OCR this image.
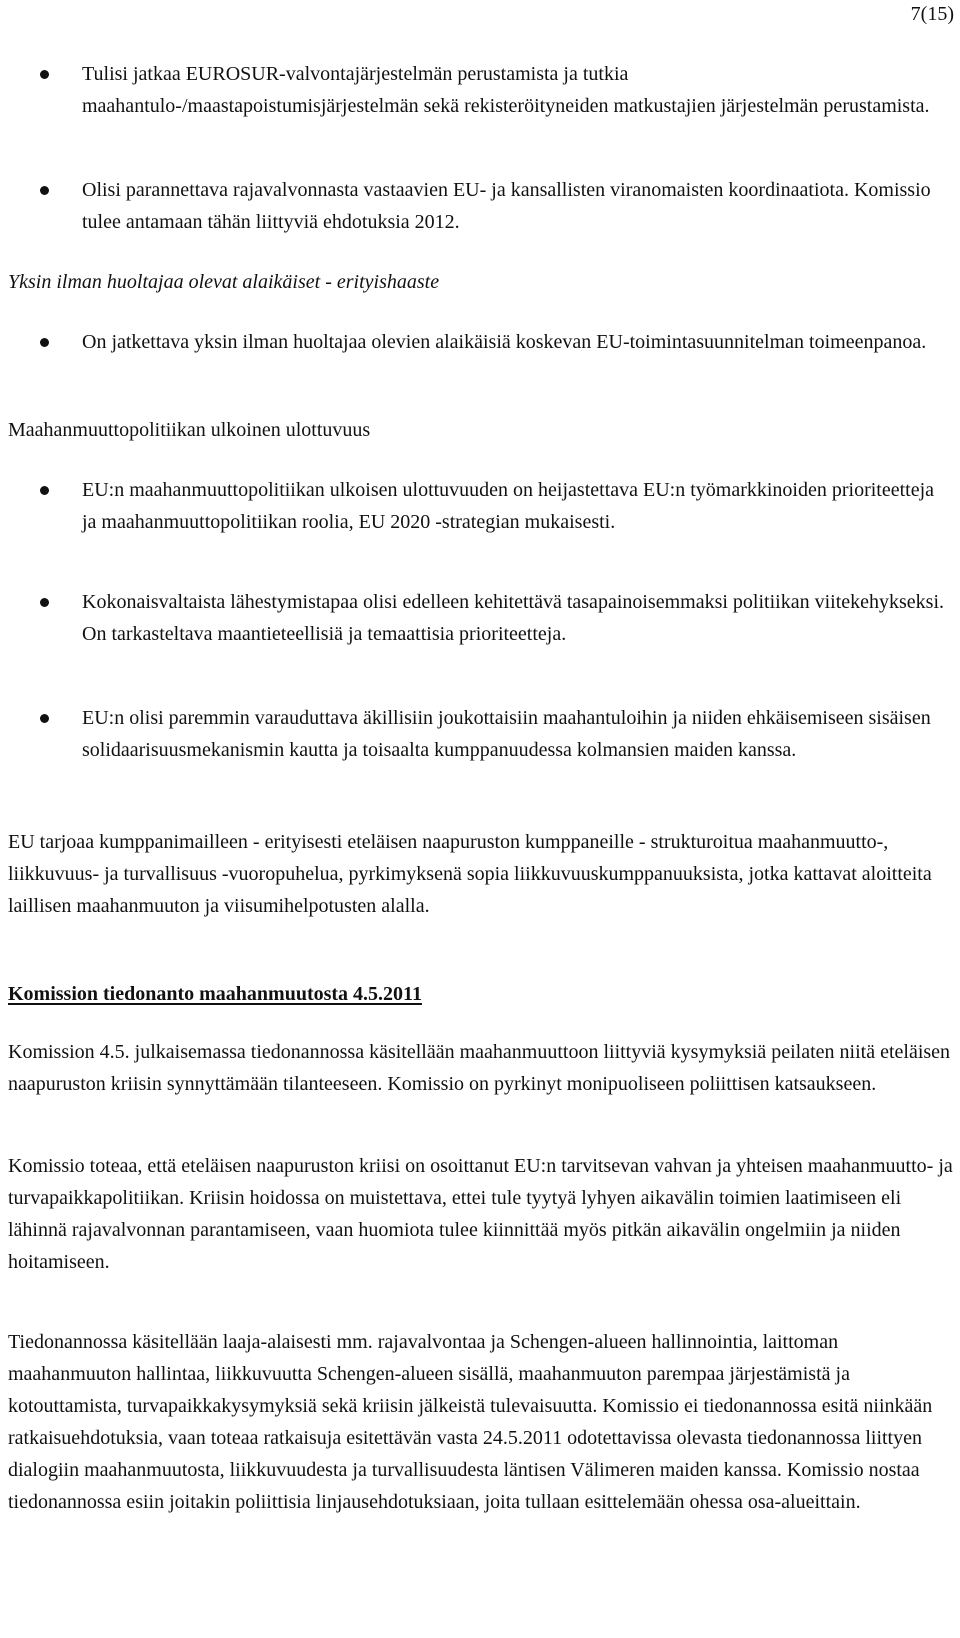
7(15)

Tulisi jatkaa EUROSUR-valvontajärjestelmän perustamista ja tutkia maahantulo-/maastapoistumisjärjestelmän sekä rekisteröityneiden matkustajien järjestelmän perustamista.

Olisi parannettava rajavalvonnasta vastaavien EU- ja kansallisten viranomaisten koordinaatiota. Komissio tulee antamaan tähän liittyviä ehdotuksia 2012.

Yksin ilman huoltajaa olevat alaikäiset - erityishaaste

On jatkettava yksin ilman huoltajaa olevien alaikäisiä koskevan EU-toimintasuunnitelman toimeenpanoa.

Maahanmuuttopolitiikan ulkoinen ulottuvuus

EU:n maahanmuuttopolitiikan ulkoisen ulottuvuuden on heijastettava EU:n työmarkkinoiden prioriteetteja ja maahanmuuttopolitiikan roolia, EU 2020 -strategian mukaisesti.

Kokonaisvaltaista lähestymistapaa olisi edelleen kehitettävä tasapainoisemmaksi politiikan viitekehykseksi. On tarkasteltava maantieteellisiä ja temaattisia prioriteetteja.

EU:n olisi paremmin varauduttava äkillisiin joukottaisiin maahantuloihin ja niiden ehkäisemiseen sisäisen solidaarisuusmekanismin kautta ja toisaalta kumppanuudessa kolmansien maiden kanssa.

EU tarjoaa kumppanimailleen - erityisesti eteläisen naapuruston kumppaneille - strukturoitua maahanmuutto-, liikkuvuus- ja turvallisuus -vuoropuhelua, pyrkimyksenä sopia liikkuvuuskumppanuuksista, jotka kattavat aloitteita laillisen maahanmuuton ja viisumihelpotusten alalla.

Komission tiedonanto maahanmuutosta 4.5.2011

Komission 4.5. julkaisemassa tiedonannossa käsitellään maahanmuuttoon liittyviä kysymyksiä peilaten niitä eteläisen naapuruston kriisin synnyttämään tilanteeseen. Komissio on pyrkinyt monipuoliseen poliittisen katsaukseen.

Komissio toteaa, että eteläisen naapuruston kriisi on osoittanut EU:n tarvitsevan vahvan ja yhteisen maahanmuutto- ja turvapaikkapolitiikan. Kriisin hoidossa on muistettava, ettei tule tyytyä lyhyen aikavälin toimien laatimiseen eli lähinnä rajavalvonnan parantamiseen, vaan huomiota tulee kiinnittää myös pitkän aikavälin ongelmiin ja niiden hoitamiseen.

Tiedonannossa käsitellään laaja-alaisesti mm. rajavalvontaa ja Schengen-alueen hallinnointia, laittoman maahanmuuton hallintaa, liikkuvuutta Schengen-alueen sisällä, maahanmuuton parempaa järjestämistä ja kotouttamista, turvapaikkakysymyksiä sekä kriisin jälkeistä tulevaisuutta. Komissio ei tiedonannossa esitä niinkään ratkaisuehdotuksia, vaan toteaa ratkaisuja esitettävän vasta 24.5.2011 odotettavissa olevasta tiedonannossa liittyen dialogiin maahanmuutosta, liikkuvuudesta ja turvallisuudesta läntisen Välimeren maiden kanssa. Komissio nostaa tiedonannossa esiin joitakin poliittisia linjausehdotuksiaan, joita tullaan esittelemään ohessa osa-alueittain.
